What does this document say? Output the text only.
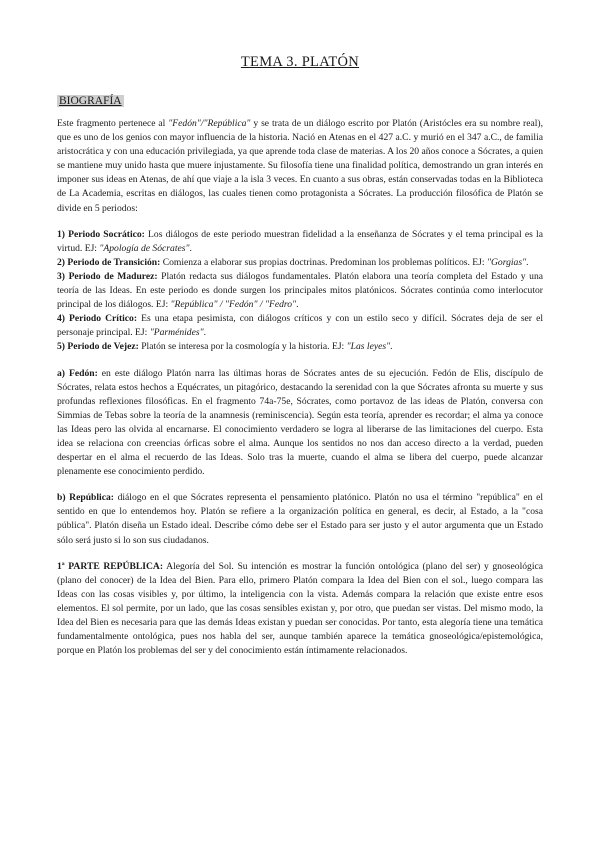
TEMA 3. PLATÓN
BIOGRAFÍA

Este fragmento pertenece al "Fedón"/"República" y se trata de un diálogo escrito por Platón (Aristócles era su nombre real), que es uno de los genios con mayor influencia de la historia. Nació en Atenas en el 427 a.C. y murió en el 347 a.C., de familia aristocrática y con una educación privilegiada, ya que aprende toda clase de materias. A los 20 años conoce a Sócrates, a quien se mantiene muy unido hasta que muere injustamente. Su filosofía tiene una finalidad política, demostrando un gran interés en imponer sus ideas en Atenas, de ahí que viaje a la isla 3 veces. En cuanto a sus obras, están conservadas todas en la Biblioteca de La Academia, escritas en diálogos, las cuales tienen como protagonista a Sócrates. La producción filosófica de Platón se divide en 5 periodos:

1) Periodo Socrático: Los diálogos de este periodo muestran fidelidad a la enseñanza de Sócrates y el tema principal es la virtud. EJ: "Apología de Sócrates".

2) Periodo de Transición: Comienza a elaborar sus propias doctrinas. Predominan los problemas políticos. EJ: "Gorgias".

3) Periodo de Madurez: Platón redacta sus diálogos fundamentales. Platón elabora una teoría completa del Estado y una teoría de las Ideas. En este periodo es donde surgen los principales mitos platónicos. Sócrates continúa como interlocutor principal de los diálogos. EJ: "República" / "Fedón" / "Fedro".

4) Periodo Crítico: Es una etapa pesimista, con diálogos críticos y con un estilo seco y difícil. Sócrates deja de ser el personaje principal. EJ: "Parménides".

5) Periodo de Vejez: Platón se interesa por la cosmología y la historia. EJ: "Las leyes".

a) Fedón: en este diálogo Platón narra las últimas horas de Sócrates antes de su ejecución. Fedón de Elis, discípulo de Sócrates, relata estos hechos a Equécrates, un pitagórico, destacando la serenidad con la que Sócrates afronta su muerte y sus profundas reflexiones filosóficas. En el fragmento 74a-75e, Sócrates, como portavoz de las ideas de Platón, conversa con Simmias de Tebas sobre la teoría de la anamnesis (reminiscencia). Según esta teoría, aprender es recordar; el alma ya conoce las Ideas pero las olvida al encarnarse. El conocimiento verdadero se logra al liberarse de las limitaciones del cuerpo. Esta idea se relaciona con creencias órficas sobre el alma. Aunque los sentidos no nos dan acceso directo a la verdad, pueden despertar en el alma el recuerdo de las Ideas. Solo tras la muerte, cuando el alma se libera del cuerpo, puede alcanzar plenamente ese conocimiento perdido.

b) República: diálogo en el que Sócrates representa el pensamiento platónico. Platón no usa el término "república" en el sentido en que lo entendemos hoy. Platón se refiere a la organización política en general, es decir, al Estado, a la "cosa pública". Platón diseña un Estado ideal. Describe cómo debe ser el Estado para ser justo y el autor argumenta que un Estado sólo será justo si lo son sus ciudadanos.

1ª PARTE REPÚBLICA: Alegoría del Sol. Su intención es mostrar la función ontológica (plano del ser) y gnoseológica (plano del conocer) de la Idea del Bien. Para ello, primero Platón compara la Idea del Bien con el sol., luego compara las Ideas con las cosas visibles y, por último, la inteligencia con la vista. Además compara la relación que existe entre esos elementos. El sol permite, por un lado, que las cosas sensibles existan y, por otro, que puedan ser vistas. Del mismo modo, la Idea del Bien es necesaria para que las demás Ideas existan y puedan ser conocidas. Por tanto, esta alegoría tiene una temática fundamentalmente ontológica, pues nos habla del ser, aunque también aparece la temática gnoseológica/epistemológica, porque en Platón los problemas del ser y del conocimiento están íntimamente relacionados.
